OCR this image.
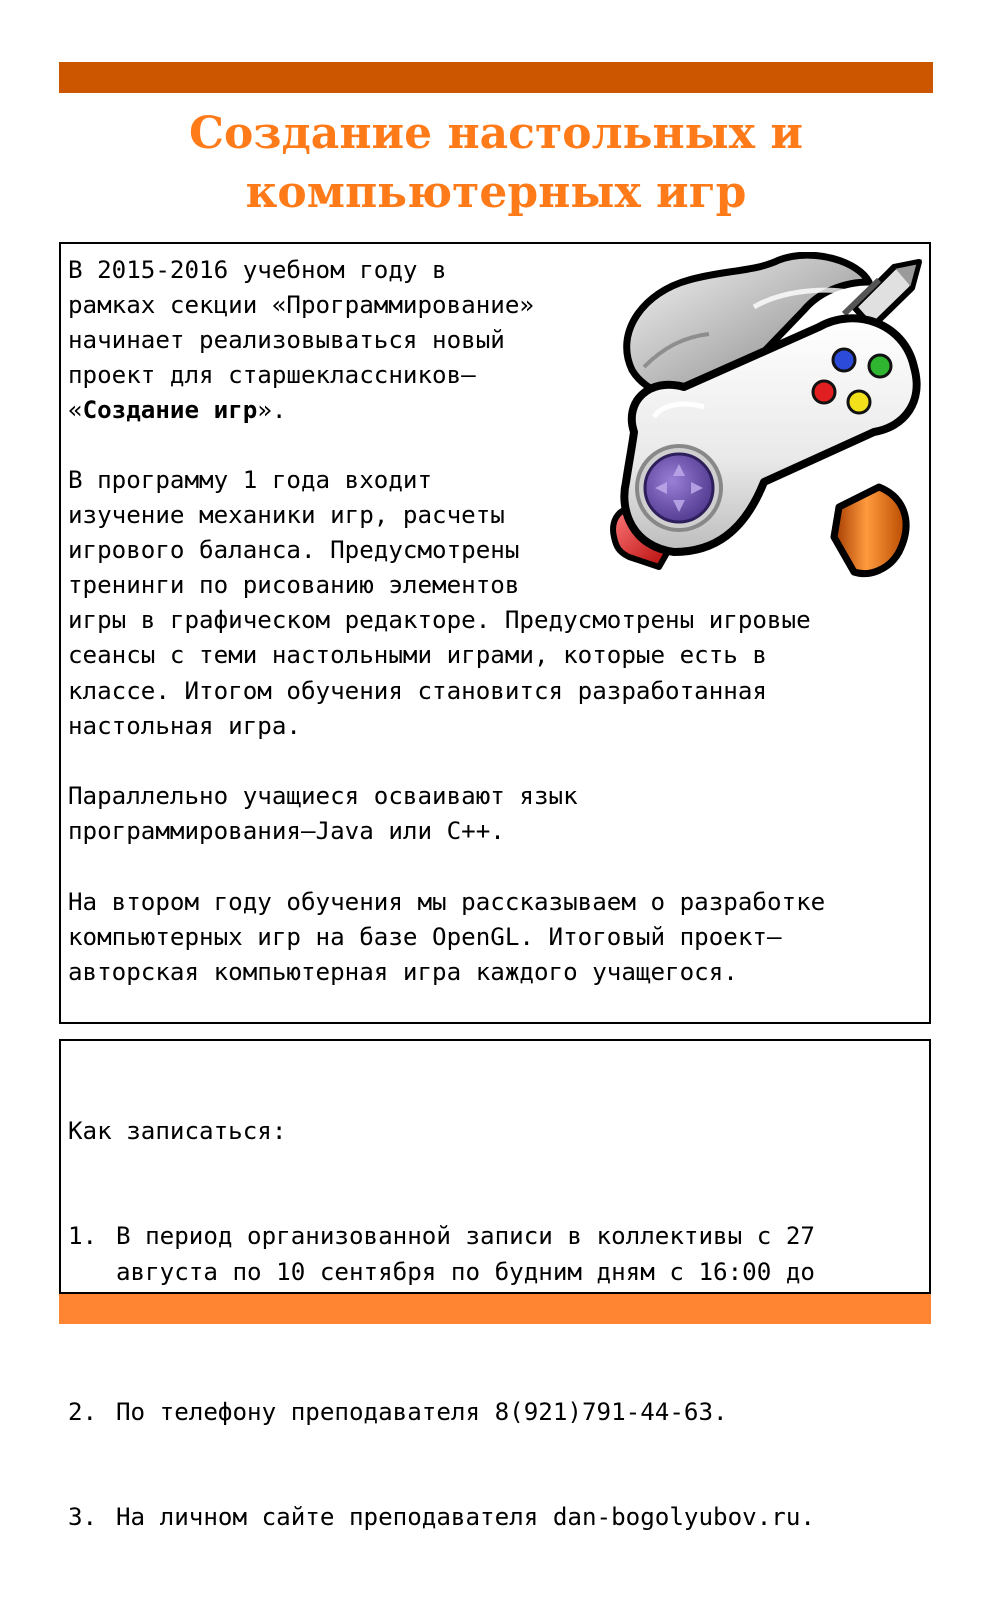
Создание настольных и
компьютерных игр
В 2015-2016 учебном году в
рамках секции «Программирование»
начинает реализовываться новый
проект для старшеклассников—
«Создание игр».
В программу 1 года входит
изучение механики игр, расчеты
игрового баланса. Предусмотрены
тренинги по рисованию элементов
игры в графическом редакторе. Предусмотрены игровые
сеансы с теми настольными играми, которые есть в
классе. Итогом обучения становится разработанная
настольная игра.
Параллельно учащиеся осваивают язык
программирования—Java или C++.
На втором году обучения мы рассказываем о разработке
компьютерных игр на базе OpenGL. Итоговый проект—
авторская компьютерная игра каждого учащегося.

Как записаться:

1. В период организованной записи в коллективы с 27
августа по 10 сентября по будним дням с 16:00 до

2. По телефону преподавателя 8(921)791-44-63.

3. На личном сайте преподавателя dan-bogolyubov.ru.
